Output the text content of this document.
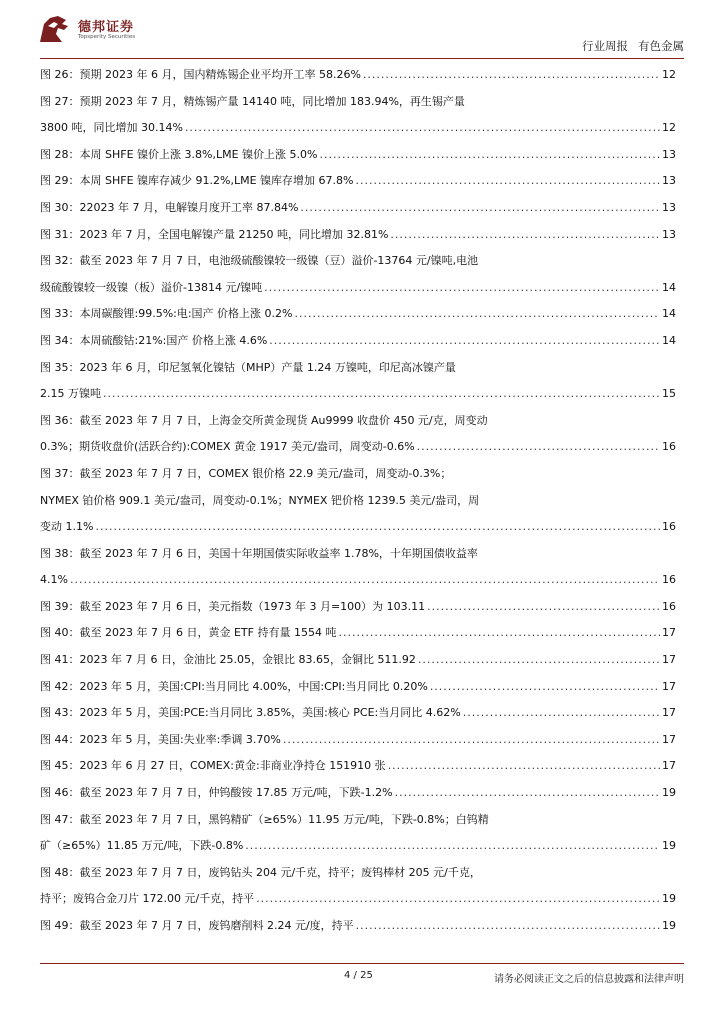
德邦证券
Topsperity Securities
行业周报 有色金属
图 26：预期 2023 年 6 月，国内精炼锡企业平均开工率 58.26% .....	12
图 27：预期 2023 年 7 月，精炼锡产量 14140 吨，同比增加 183.94%，再生锡产量
3800 吨，同比增加 30.14% .....	12
图 28：本周 SHFE 镍价上涨 3.8%,LME 镍价上涨 5.0% .....	13
图 29：本周 SHFE 镍库存减少 91.2%,LME 镍库存增加 67.8% .....	13
图 30：22023 年 7 月，电解镍月度开工率 87.84% .....	13
图 31：2023 年 7 月，全国电解镍产量 21250 吨，同比增加 32.81% .....	13
图 32：截至 2023 年 7 月 7 日，电池级硫酸镍较一级镍（豆）溢价-13764 元/镍吨,电池
级硫酸镍较一级镍（板）溢价-13814 元/镍吨 .....	14
图 33：本周碳酸锂:99.5%:电:国产 价格上涨 0.2% .....	14
图 34：本周硫酸钴:21%:国产 价格上涨 4.6% .....	14
图 35：2023 年 6 月，印尼氢氧化镍钴（MHP）产量 1.24 万镍吨，印尼高冰镍产量
2.15 万镍吨 .....	15
图 36：截至 2023 年 7 月 7 日，上海金交所黄金现货 Au9999 收盘价 450 元/克，周变动
0.3%；期货收盘价(活跃合约):COMEX 黄金 1917 美元/盎司，周变动-0.6% .....	16
图 37：截至 2023 年 7 月 7 日，COMEX 银价格 22.9 美元/盎司，周变动-0.3%；
NYMEX 铂价格 909.1 美元/盎司，周变动-0.1%；NYMEX 钯价格 1239.5 美元/盎司，周
变动 1.1% .....	16
图 38：截至 2023 年 7 月 6 日，美国十年期国债实际收益率 1.78%，十年期国债收益率
4.1% .....	16
图 39：截至 2023 年 7 月 6 日，美元指数（1973 年 3 月=100）为 103.11 .....	16
图 40：截至 2023 年 7 月 6 日，黄金 ETF 持有量 1554 吨 .....	17
图 41：2023 年 7 月 6 日，金油比 25.05，金银比 83.65，金铜比 511.92 .....	17
图 42：2023 年 5 月，美国:CPI:当月同比 4.00%，中国:CPI:当月同比 0.20% .....	17
图 43：2023 年 5 月，美国:PCE:当月同比 3.85%，美国:核心 PCE:当月同比 4.62% .....	17
图 44：2023 年 5 月，美国:失业率:季调 3.70% .....	17
图 45：2023 年 6 月 27 日，COMEX:黄金:非商业净持仓 151910 张 .....	17
图 46：截至 2023 年 7 月 7 日，仲钨酸铵 17.85 万元/吨，下跌-1.2% .....	19
图 47：截至 2023 年 7 月 7 日，黑钨精矿（≥65%）11.95 万元/吨，下跌-0.8%；白钨精
矿（≥65%）11.85 万元/吨，下跌-0.8% .....	19
图 48：截至 2023 年 7 月 7 日，废钨钻头 204 元/千克，持平；废钨棒材 205 元/千克，
持平；废钨合金刀片 172.00 元/千克，持平 .....	19
图 49：截至 2023 年 7 月 7 日，废钨磨削料 2.24 元/度，持平 .....	19
4 / 25	请务必阅读正文之后的信息披露和法律声明
